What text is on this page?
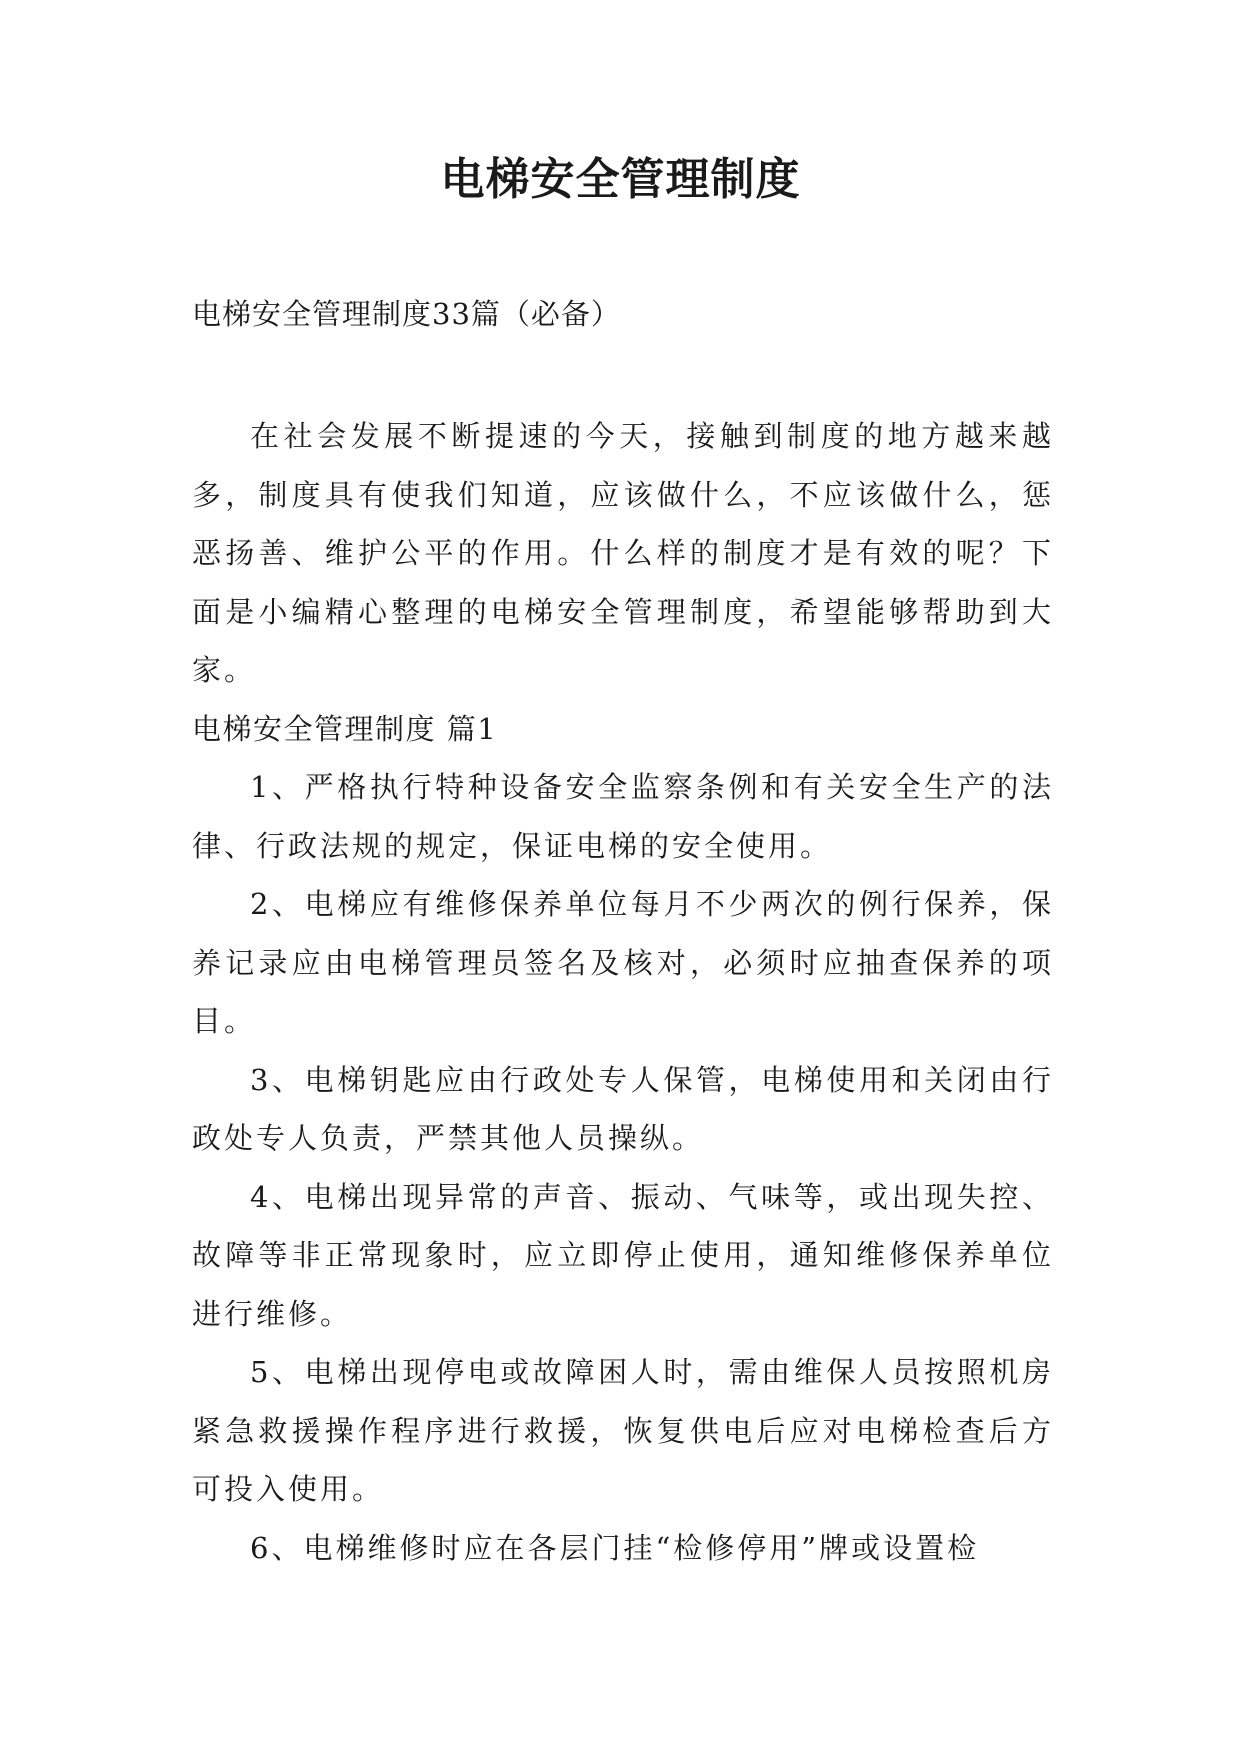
电梯安全管理制度
电梯安全管理制度33篇（必备）

在社会发展不断提速的今天，接触到制度的地方越来越多，制度具有使我们知道，应该做什么，不应该做什么，惩恶扬善、维护公平的作用。什么样的制度才是有效的呢？下面是小编精心整理的电梯安全管理制度，希望能够帮助到大家。

电梯安全管理制度 篇1

1、严格执行特种设备安全监察条例和有关安全生产的法律、行政法规的规定，保证电梯的安全使用。

2、电梯应有维修保养单位每月不少两次的例行保养，保养记录应由电梯管理员签名及核对，必须时应抽查保养的项目。

3、电梯钥匙应由行政处专人保管，电梯使用和关闭由行政处专人负责，严禁其他人员操纵。

4、电梯出现异常的声音、振动、气味等，或出现失控、故障等非正常现象时，应立即停止使用，通知维修保养单位进行维修。

5、电梯出现停电或故障困人时，需由维保人员按照机房紧急救援操作程序进行救援，恢复供电后应对电梯检查后方可投入使用。

6、电梯维修时应在各层门挂“检修停用”牌或设置检
